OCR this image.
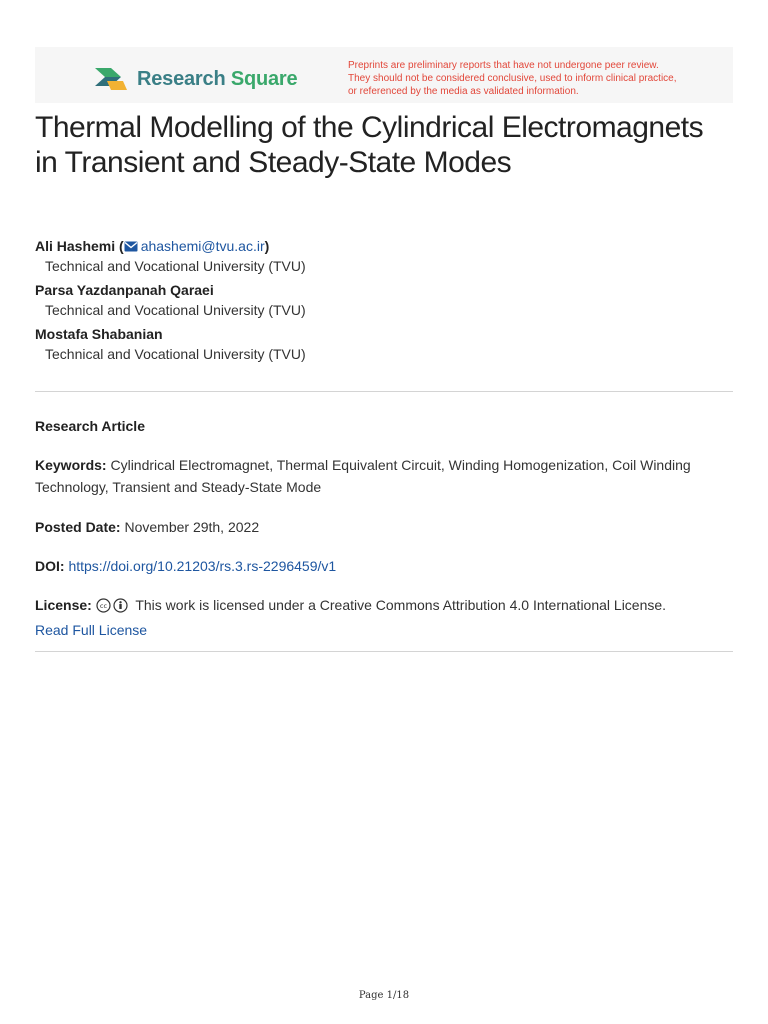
Research Square
Preprints are preliminary reports that have not undergone peer review.
They should not be considered conclusive, used to inform clinical practice,
or referenced by the media as validated information.
Thermal Modelling of the Cylindrical Electromagnets in Transient and Steady-State Modes
Ali Hashemi ( ahashemi@tvu.ac.ir)
Technical and Vocational University (TVU)
Parsa Yazdanpanah Qaraei
Technical and Vocational University (TVU)
Mostafa Shabanian
Technical and Vocational University (TVU)
Research Article
Keywords: Cylindrical Electromagnet, Thermal Equivalent Circuit, Winding Homogenization, Coil Winding Technology, Transient and Steady-State Mode
Posted Date: November 29th, 2022
DOI: https://doi.org/10.21203/rs.3.rs-2296459/v1
License: cc This work is licensed under a Creative Commons Attribution 4.0 International License.
Read Full License
Page 1/18
